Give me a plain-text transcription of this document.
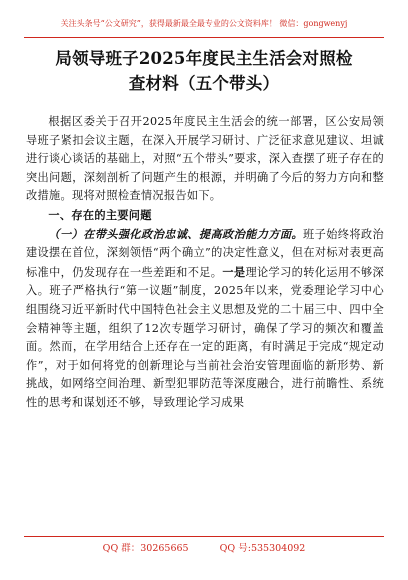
关注头条号“公文研究”，获得最新最全最专业的公文资料库！ 微信：gongwenyj
局领导班子2025年度民主生活会对照检
查材料（五个带头）

根据区委关于召开2025年度民主生活会的统一部署，区公安局领导班子紧扣会议主题，在深入开展学习研讨、广泛征求意见建议、坦诚进行谈心谈话的基础上，对照“五个带头”要求，深入查摆了班子存在的突出问题，深刻剖析了问题产生的根源，并明确了今后的努力方向和整改措施。现将对照检查情况报告如下。

一、存在的主要问题

（一）在带头强化政治忠诚、提高政治能力方面。班子始终将政治建设摆在首位，深刻领悟“两个确立”的决定性意义，但在对标对表更高标准中，仍发现存在一些差距和不足。一是理论学习的转化运用不够深入。班子严格执行“第一议题”制度，2025年以来，党委理论学习中心组围绕习近平新时代中国特色社会主义思想及党的二十届三中、四中全会精神等主题，组织了12次专题学习研讨，确保了学习的频次和覆盖面。然而，在学用结合上还存在一定的距离，有时满足于完成“规定动作”，对于如何将党的创新理论与当前社会治安管理面临的新形势、新挑战，如网络空间治理、新型犯罪防范等深度融合，进行前瞻性、系统性的思考和谋划还不够，导致理论学习成果

QQ 群：30265665	QQ 号:535304092
